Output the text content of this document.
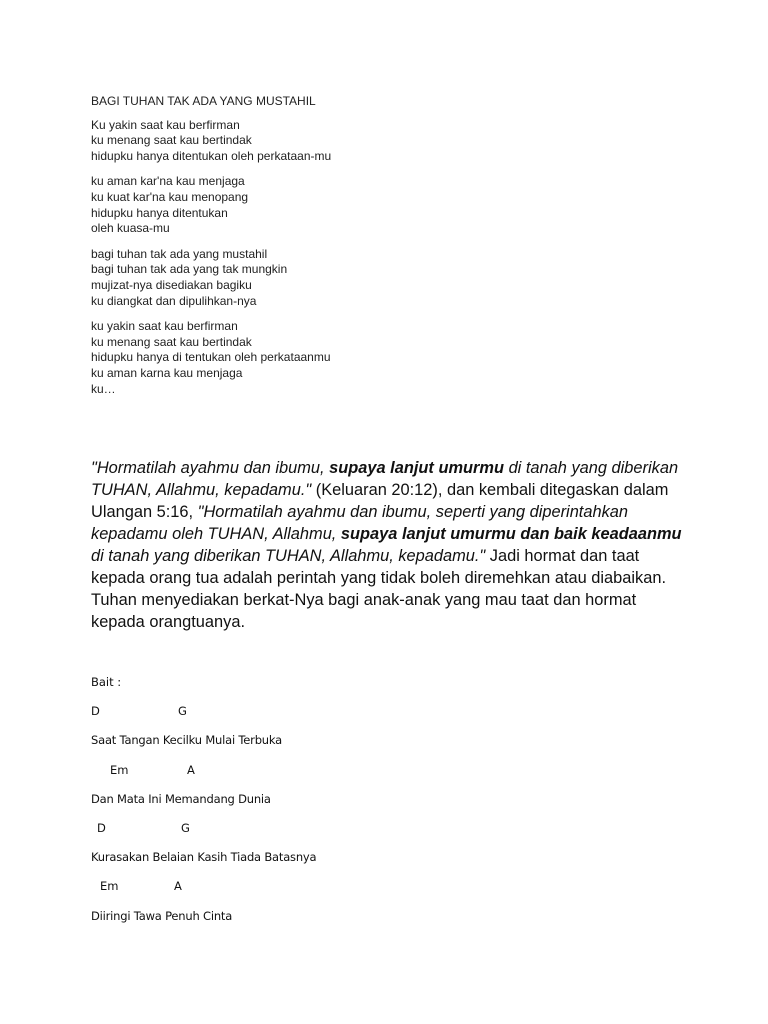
BAGI TUHAN TAK ADA YANG MUSTAHIL
Ku yakin saat kau berfirman
ku menang saat kau bertindak
hidupku hanya ditentukan oleh perkataan-mu
ku aman kar'na kau menjaga
ku kuat kar'na kau menopang
hidupku hanya ditentukan
oleh kuasa-mu
bagi tuhan tak ada yang mustahil
bagi tuhan tak ada yang tak mungkin
mujizat-nya disediakan bagiku
ku diangkat dan dipulihkan-nya
ku yakin saat kau berfirman
ku menang saat kau bertindak
hidupku hanya di tentukan oleh perkataanmu
ku aman karna kau menjaga
ku…
"Hormatilah ayahmu dan ibumu, supaya lanjut umurmu di tanah yang diberikan TUHAN, Allahmu, kepadamu." (Keluaran 20:12), dan kembali ditegaskan dalam Ulangan 5:16, "Hormatilah ayahmu dan ibumu, seperti yang diperintahkan kepadamu oleh TUHAN, Allahmu, supaya lanjut umurmu dan baik keadaanmu di tanah yang diberikan TUHAN, Allahmu, kepadamu." Jadi hormat dan taat kepada orang tua adalah perintah yang tidak boleh diremehkan atau diabaikan. Tuhan menyediakan berkat-Nya bagi anak-anak yang mau taat dan hormat kepada orangtuanya.
Bait :
D	G
Saat Tangan Kecilku Mulai Terbuka
Em	A
Dan Mata Ini Memandang Dunia
D	G
Kurasakan Belaian Kasih Tiada Batasnya
Em	A
Diiringi Tawa Penuh Cinta
